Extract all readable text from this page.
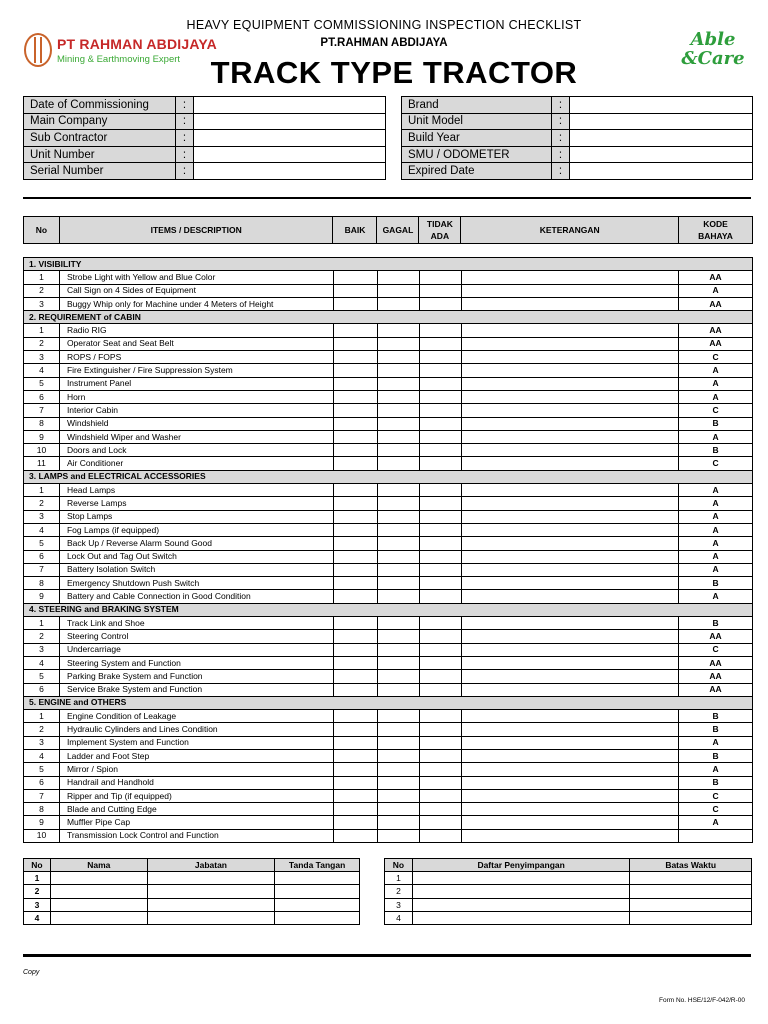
PT RAHMAN ABDIJAYA
Mining & Earthmoving Expert
HEAVY EQUIPMENT COMMISSIONING INSPECTION CHECKLIST
PT.RAHMAN ABDIJAYA
TRACK TYPE TRACTOR
Able
&Care
Date of Commissioning	:	
Main Company	:	
Sub Contractor	:	
Unit Number	:	
Serial Number	:	
Brand	:	
Unit Model	:	
Build Year	:	
SMU / ODOMETER	:	
Expired Date	:	
No	ITEMS / DESCRIPTION	BAIK	GAGAL	TIDAK
ADA	KETERANGAN	KODE
BAHAYA
1. VISIBILITY						
1	Strobe Light with Yellow and Blue Color					AA
2	Call Sign on 4 Sides of Equipment					A
3	Buggy Whip only for Machine under 4 Meters of Height					AA
2. REQUIREMENT of CABIN						
1	Radio RIG					AA
2	Operator Seat and Seat Belt					AA
3	ROPS / FOPS					C
4	Fire Extinguisher / Fire Suppression System					A
5	Instrument Panel					A
6	Horn					A
7	Interior Cabin					C
8	Windshield					B
9	Windshield Wiper and Washer					A
10	Doors and Lock					B
11	Air Conditioner					C
3. LAMPS and ELECTRICAL ACCESSORIES						
1	Head Lamps					A
2	Reverse Lamps					A
3	Stop Lamps					A
4	Fog Lamps (if equipped)					A
5	Back Up / Reverse Alarm Sound Good					A
6	Lock Out and Tag Out Switch					A
7	Battery Isolation Switch					A
8	Emergency Shutdown Push Switch					B
9	Battery and Cable Connection in Good Condition					A
4. STEERING and BRAKING SYSTEM						
1	Track Link and Shoe					B
2	Steering Control					AA
3	Undercarriage					C
4	Steering System and Function					AA
5	Parking Brake System and Function					AA
6	Service Brake System and Function					AA
5. ENGINE and OTHERS						
1	Engine Condition of Leakage					B
2	Hydraulic Cylinders and Lines Condition					B
3	Implement System and Function					A
4	Ladder and Foot Step					B
5	Mirror / Spion					A
6	Handrail and Handhold					B
7	Ripper and Tip (if equipped)					C
8	Blade and Cutting Edge					C
9	Muffler Pipe Cap					A
10	Transmission Lock Control and Function					
No	Nama	Jabatan	Tanda Tangan
1			
2			
3			
4			
No	Daftar Penyimpangan	Batas Waktu
1		
2		
3		
4		
Copy
Form No. HSE/12/F-042/R-00
